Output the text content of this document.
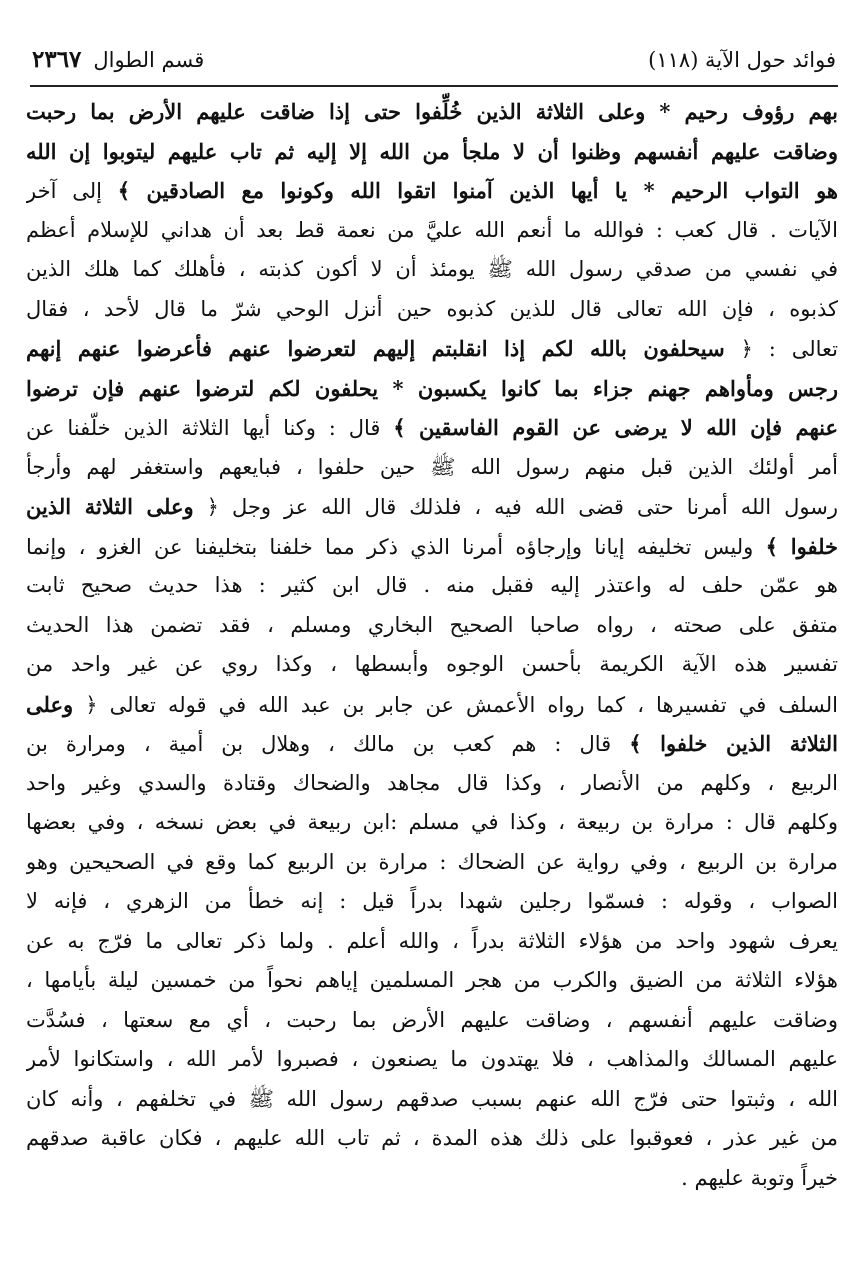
فوائد حول الآية (١١٨)
قسم الطوال
٢٣٦٧
بهم رؤوف رحيم * وعلى الثلاثة الذين خُلِّفوا حتى إذا ضاقت عليهم الأرض بما رحبت
وضاقت عليهم أنفسهم وظنوا أن لا ملجأ من الله إلا إليه ثم تاب عليهم ليتوبوا إن الله
هو التواب الرحيم * يا أيها الذين آمنوا اتقوا الله وكونوا مع الصادقين ﴾ إلى آخر
الآيات . قال كعب : فوالله ما أنعم الله عليَّ من نعمة قط بعد أن هداني للإسلام أعظم
في نفسي من صدقي رسول الله ﷺ يومئذ أن لا أكون كذبته ، فأهلك كما هلك الذين
كذبوه ، فإن الله تعالى قال للذين كذبوه حين أنزل الوحي شرّ ما قال لأحد ، فقال
تعالى : ﴿ سيحلفون بالله لكم إذا انقلبتم إليهم لتعرضوا عنهم فأعرضوا عنهم إنهم
رجس ومأواهم جهنم جزاء بما كانوا يكسبون * يحلفون لكم لترضوا عنهم فإن ترضوا
عنهم فإن الله لا يرضى عن القوم الفاسقين ﴾ قال : وكنا أيها الثلاثة الذين خلّفنا عن
أمر أولئك الذين قبل منهم رسول الله ﷺ حين حلفوا ، فبايعهم واستغفر لهم وأرجأ
رسول الله أمرنا حتى قضى الله فيه ، فلذلك قال الله عز وجل ﴿ وعلى الثلاثة الذين
خلفوا ﴾ وليس تخليفه إيانا وإرجاؤه أمرنا الذي ذكر مما خلفنا بتخليفنا عن الغزو ، وإنما
هو عمّن حلف له واعتذر إليه فقبل منه . قال ابن كثير : هذا حديث صحيح ثابت
متفق على صحته ، رواه صاحبا الصحيح البخاري ومسلم ، فقد تضمن هذا الحديث
تفسير هذه الآية الكريمة بأحسن الوجوه وأبسطها ، وكذا روي عن غير واحد من
السلف في تفسيرها ، كما رواه الأعمش عن جابر بن عبد الله في قوله تعالى ﴿ وعلى
الثلاثة الذين خلفوا ﴾ قال : هم كعب بن مالك ، وهلال بن أمية ، ومرارة بن
الربيع ، وكلهم من الأنصار ، وكذا قال مجاهد والضحاك وقتادة والسدي وغير واحد
وكلهم قال : مرارة بن ربيعة ، وكذا في مسلم :ابن ربيعة في بعض نسخه ، وفي بعضها
مرارة بن الربيع ، وفي رواية عن الضحاك : مرارة بن الربيع كما وقع في الصحيحين وهو
الصواب ، وقوله : فسمّوا رجلين شهدا بدراً قيل : إنه خطأ من الزهري ، فإنه لا
يعرف شهود واحد من هؤلاء الثلاثة بدراً ، والله أعلم . ولما ذكر تعالى ما فرّج به عن
هؤلاء الثلاثة من الضيق والكرب من هجر المسلمين إياهم نحواً من خمسين ليلة بأيامها ،
وضاقت عليهم أنفسهم ، وضاقت عليهم الأرض بما رحبت ، أي مع سعتها ، فسُدَّت
عليهم المسالك والمذاهب ، فلا يهتدون ما يصنعون ، فصبروا لأمر الله ، واستكانوا لأمر
الله ، وثبتوا حتى فرّج الله عنهم بسبب صدقهم رسول الله ﷺ في تخلفهم ، وأنه كان
من غير عذر ، فعوقبوا على ذلك هذه المدة ، ثم تاب الله عليهم ، فكان عاقبة صدقهم
خيراً وتوبة عليهم .
